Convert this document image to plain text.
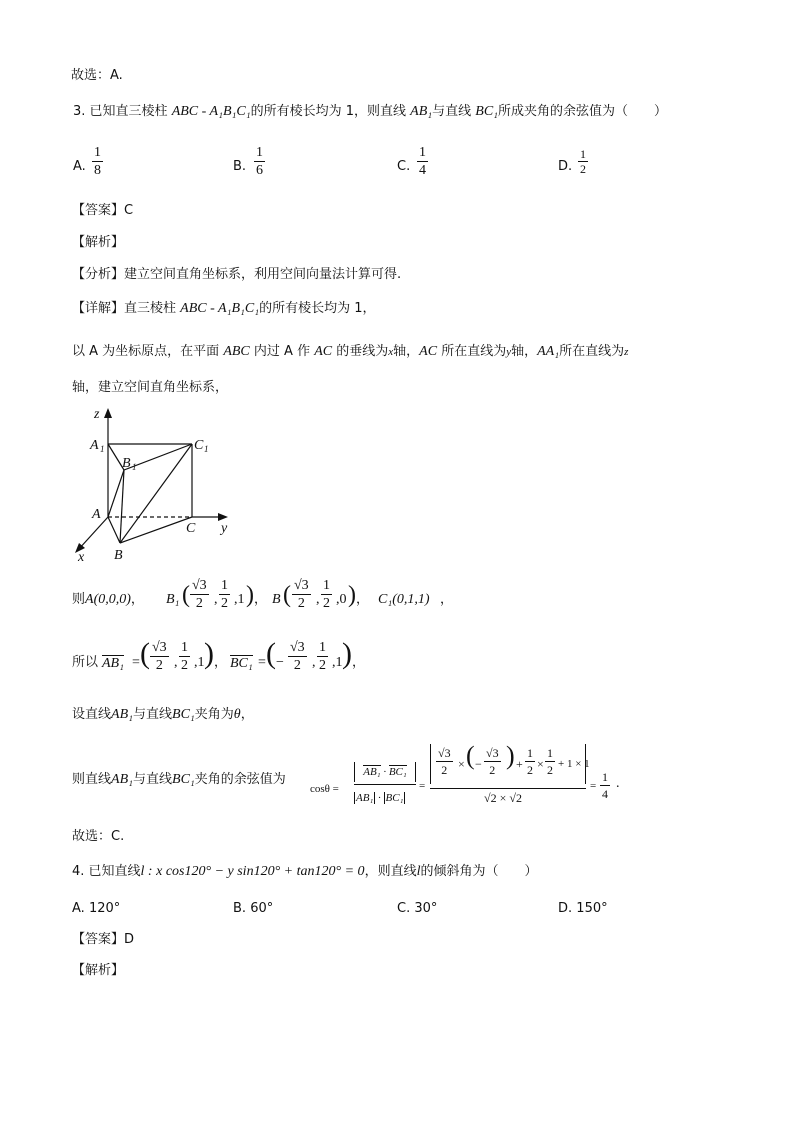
故选：A.
3. 已知直三棱柱 ABC - A₁B₁C₁的所有棱长均为 1，则直线 AB₁与直线 BC₁所成夹角的余弦值为（　　）
A. $\frac{1}{8}$	B. $\frac{1}{6}$	C. $\frac{1}{4}$	D. $\frac{1}{2}$
【答案】C
【解析】
【分析】建立空间直角坐标系，利用空间向量法计算可得.
【详解】直三棱柱 ABC - A₁B₁C₁的所有棱长均为 1，
以 A 为坐标原点，在平面 ABC 内过 A 作 AC 的垂线为x轴，AC 所在直线为y轴，AA₁所在直线为z
轴，建立空间直角坐标系，
z
A 1
B 1
C 1
A
C y
x B
则A(0,0,0)， B₁ ( $\frac{√3}{2}$ , $\frac{1}{2} ,1$ ) ， B ( $\frac{√3}{2}$ , $\frac{1}{2} ,0$ ) ， C₁(0,1,1) ，
所以 AB₁ = ( $\frac{√3}{2}$ , $\frac{1}{2} ,1$ ) ， BC₁ = ( − $\frac{√3}{2}$ , $\frac{1}{2} ,1$ ) ，
设直线AB₁与直线BC₁夹角为θ，
则直线AB₁与直线BC₁夹角的余弦值为
cosθ =
AB₁ · BC₁
AB₁ · BC₁
=
$\frac{√3}{2}$ × ( − $\frac{√3}{2}$ ) + $\frac{1}{2} \times \frac{1}{2} + 1 \times 1$
√2 × √2
= $\frac{1}{4}$ .
故选：C.
4. 已知直线l : x cos120° − y sin120° + tan120° = 0，则直线l的倾斜角为（　　）
A. 120°	B. 60°	C. 30°	D. 150°
【答案】D
【解析】
